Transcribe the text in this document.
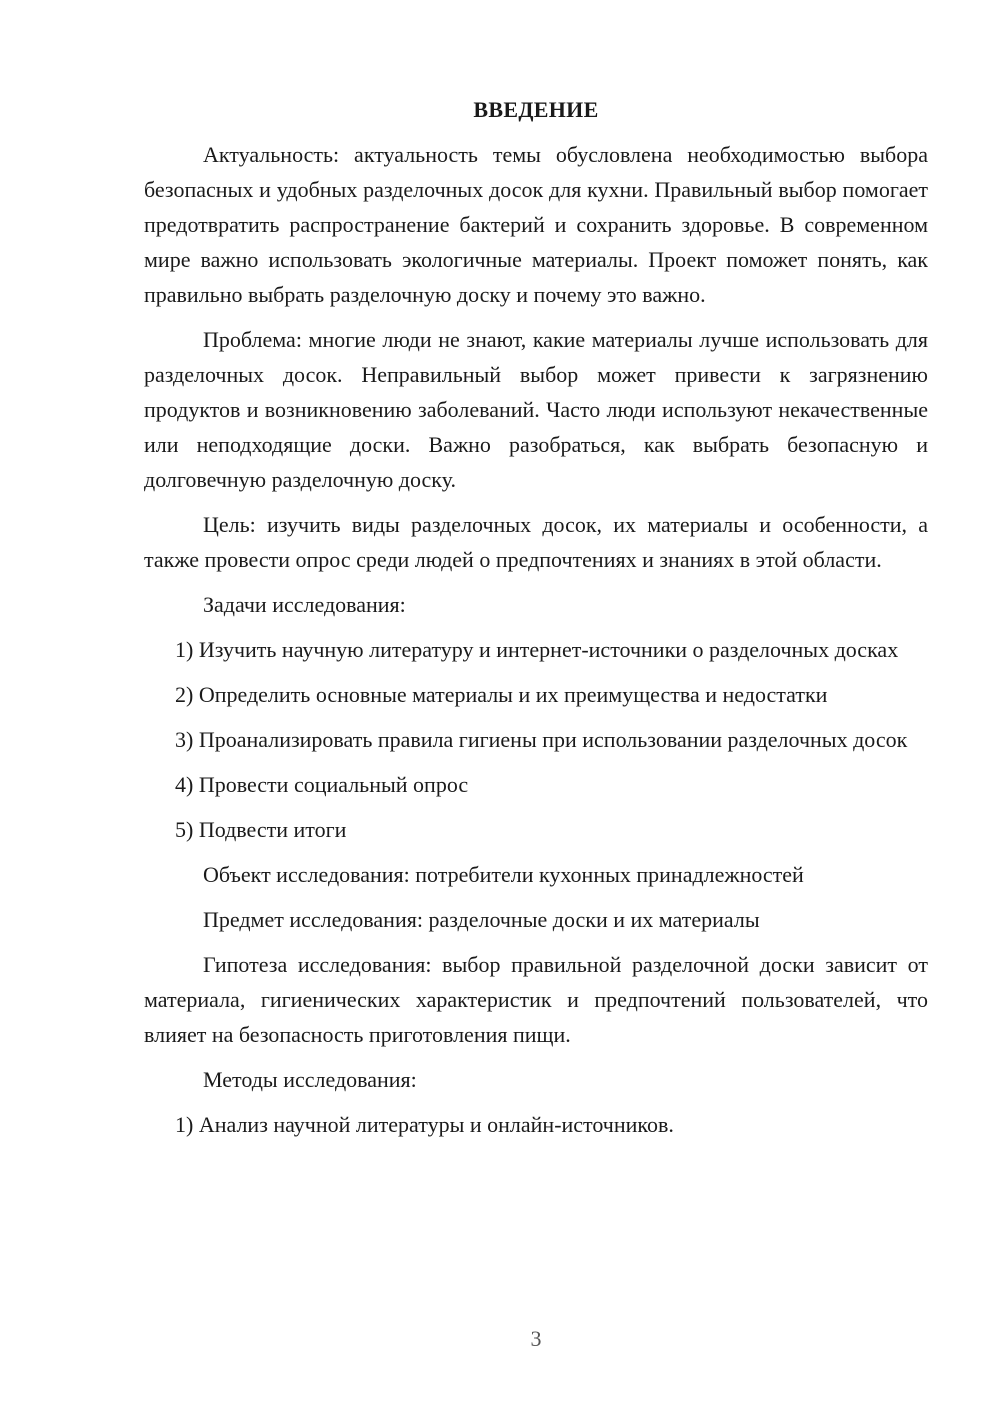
ВВЕДЕНИЕ
Актуальность: актуальность темы обусловлена необходимостью выбора безопасных и удобных разделочных досок для кухни. Правильный выбор помогает предотвратить распространение бактерий и сохранить здоровье. В современном мире важно использовать экологичные материалы. Проект поможет понять, как правильно выбрать разделочную доску и почему это важно.
Проблема: многие люди не знают, какие материалы лучше использовать для разделочных досок. Неправильный выбор может привести к загрязнению продуктов и возникновению заболеваний. Часто люди используют некачественные или неподходящие доски. Важно разобраться, как выбрать безопасную и долговечную разделочную доску.
Цель: изучить виды разделочных досок, их материалы и особенности, а также провести опрос среди людей о предпочтениях и знаниях в этой области.
Задачи исследования:
1) Изучить научную литературу и интернет-источники о разделочных досках
2) Определить основные материалы и их преимущества и недостатки
3) Проанализировать правила гигиены при использовании разделочных досок
4) Провести социальный опрос
5) Подвести итоги
Объект исследования: потребители кухонных принадлежностей
Предмет исследования: разделочные доски и их материалы
Гипотеза исследования: выбор правильной разделочной доски зависит от материала, гигиенических характеристик и предпочтений пользователей, что влияет на безопасность приготовления пищи.
Методы исследования:
1) Анализ научной литературы и онлайн-источников.
3
